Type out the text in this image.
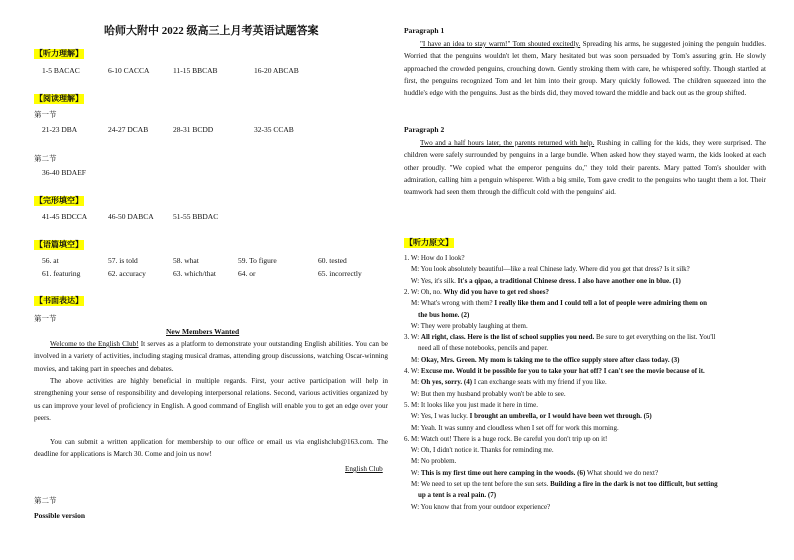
哈师大附中 2022 级高三上月考英语试题答案
【听力理解】
1-5 BACAC	6-10 CACCA	11-15 BBCAB	16-20 ABCAB
【阅读理解】
第一节
21-23 DBA	24-27 DCAB	28-31 BCDD	32-35 CCAB
第二节
36-40 BDAEF
【完形填空】
41-45 BDCCA	46-50 DABCA	51-55 BBDAC
【语篇填空】
56. at	57. is told	58. what	59. To figure	60. tested
61. featuring	62. accuracy	63. which/that	64. or	65. incorrectly
【书面表达】
第一节
New Members Wanted
Welcome to the English Club! It serves as a platform to demonstrate your outstanding English abilities. You can be involved in a variety of activities, including staging musical dramas, attending group discussions, watching Oscar-winning movies, and taking part in speeches and debates.
The above activities are highly beneficial in multiple regards. First, your active participation will help in strengthening your sense of responsibility and developing interpersonal relations. Second, various activities organized by us can improve your level of proficiency in English. A good command of English will enable you to get an edge over your peers.
You can submit a written application for membership to our office or email us via englishclub@163.com. The deadline for applications is March 30. Come and join us now!
English Club
第二节
Possible version
Paragraph 1
"I have an idea to stay warm!" Tom shouted excitedly. Spreading his arms, he suggested joining the penguin huddles. Worried that the penguins wouldn't let them, Mary hesitated but was soon persuaded by Tom's assuring grin. He slowly approached the crowded penguins, crouching down. Gently stroking them with care, he whispered softly. Though startled at first, the penguins recognized Tom and let him into their group. Mary quickly followed. The children squeezed into the huddle's edge with the penguins. Just as the birds did, they moved toward the middle and back out as the group shifted.
Paragraph 2
Two and a half hours later, the parents returned with help. Rushing in calling for the kids, they were surprised. The children were safely surrounded by penguins in a large bundle. When asked how they stayed warm, the kids looked at each other proudly. "We copied what the emperor penguins do," they told their parents. Mary patted Tom's shoulder with admiration, calling him a penguin whisperer. With a big smile, Tom gave credit to the penguins who taught them a lot. Their teamwork had seen them through the difficult cold with the penguins' aid.
【听力原文】
1. W: How do I look?
M: You look absolutely beautiful—like a real Chinese lady. Where did you get that dress? Is it silk?
W: Yes, it's silk. It's a qipao, a traditional Chinese dress. I also have another one in blue. (1)
2. W: Oh, no. Why did you have to get red shoes?
M: What's wrong with them? I really like them and I could tell a lot of people were admiring them on
the bus home. (2)
W: They were probably laughing at them.
3. W: All right, class. Here is the list of school supplies you need. Be sure to get everything on the list. You'll
need all of these notebooks, pencils and paper.
M: Okay, Mrs. Green. My mom is taking me to the office supply store after class today. (3)
4. W: Excuse me. Would it be possible for you to take your hat off? I can't see the movie because of it.
M: Oh yes, sorry. (4) I can exchange seats with my friend if you like.
W: But then my husband probably won't be able to see.
5. M: It looks like you just made it here in time.
W: Yes, I was lucky. I brought an umbrella, or I would have been wet through. (5)
M: Yeah. It was sunny and cloudless when I set off for work this morning.
6. M: Watch out! There is a huge rock. Be careful you don't trip up on it!
W: Oh, I didn't notice it. Thanks for reminding me.
M: No problem.
W: This is my first time out here camping in the woods. (6) What should we do next?
M: We need to set up the tent before the sun sets. Building a fire in the dark is not too difficult, but setting
up a tent is a real pain. (7)
W: You know that from your outdoor experience?
